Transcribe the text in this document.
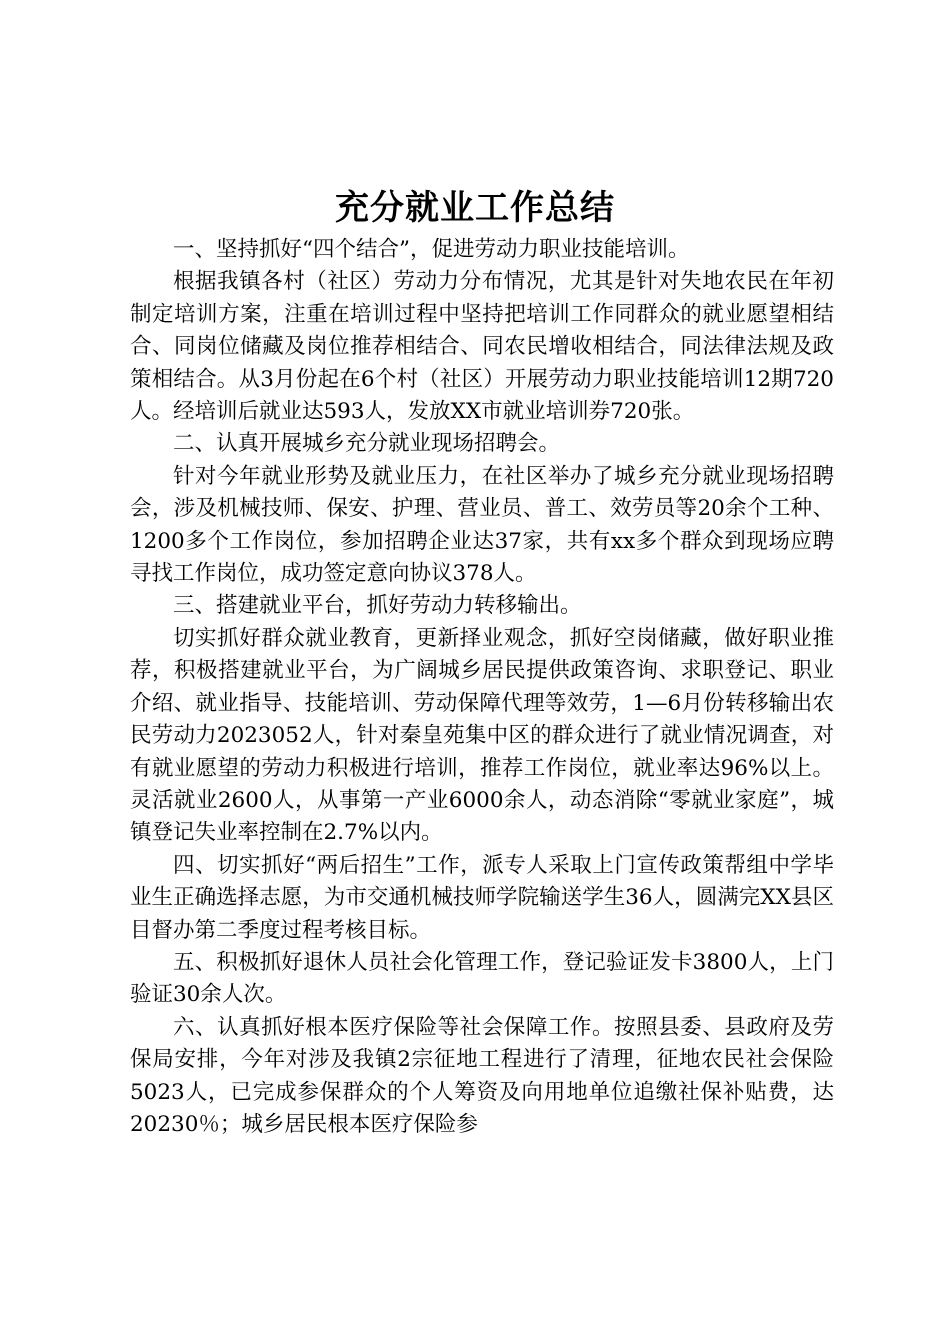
充分就业工作总结

一、坚持抓好“四个结合”，促进劳动力职业技能培训。

根据我镇各村（社区）劳动力分布情况，尤其是针对失地农民在年初制定培训方案，注重在培训过程中坚持把培训工作同群众的就业愿望相结合、同岗位储藏及岗位推荐相结合、同农民增收相结合，同法律法规及政策相结合。从3月份起在6个村（社区）开展劳动力职业技能培训12期720人。经培训后就业达593人，发放XX市就业培训券720张。

二、认真开展城乡充分就业现场招聘会。

针对今年就业形势及就业压力，在社区举办了城乡充分就业现场招聘会，涉及机械技师、保安、护理、营业员、普工、效劳员等20余个工种、1200多个工作岗位，参加招聘企业达37家，共有xx多个群众到现场应聘寻找工作岗位，成功签定意向协议378人。

三、搭建就业平台，抓好劳动力转移输出。

切实抓好群众就业教育，更新择业观念，抓好空岗储藏，做好职业推荐，积极搭建就业平台，为广阔城乡居民提供政策咨询、求职登记、职业介绍、就业指导、技能培训、劳动保障代理等效劳，1—6月份转移输出农民劳动力2023052人，针对秦皇苑集中区的群众进行了就业情况调查，对有就业愿望的劳动力积极进行培训，推荐工作岗位，就业率达96%以上。灵活就业2600人，从事第一产业6000余人，动态消除“零就业家庭”，城镇登记失业率控制在2.7%以内。

四、切实抓好“两后招生”工作，派专人采取上门宣传政策帮组中学毕业生正确选择志愿，为市交通机械技师学院输送学生36人，圆满完XX县区目督办第二季度过程考核目标。

五、积极抓好退休人员社会化管理工作，登记验证发卡3800人，上门验证30余人次。

六、认真抓好根本医疗保险等社会保障工作。按照县委、县政府及劳保局安排，今年对涉及我镇2宗征地工程进行了清理，征地农民社会保险5023人，已完成参保群众的个人筹资及向用地单位追缴社保补贴费，达20230％；城乡居民根本医疗保险参
